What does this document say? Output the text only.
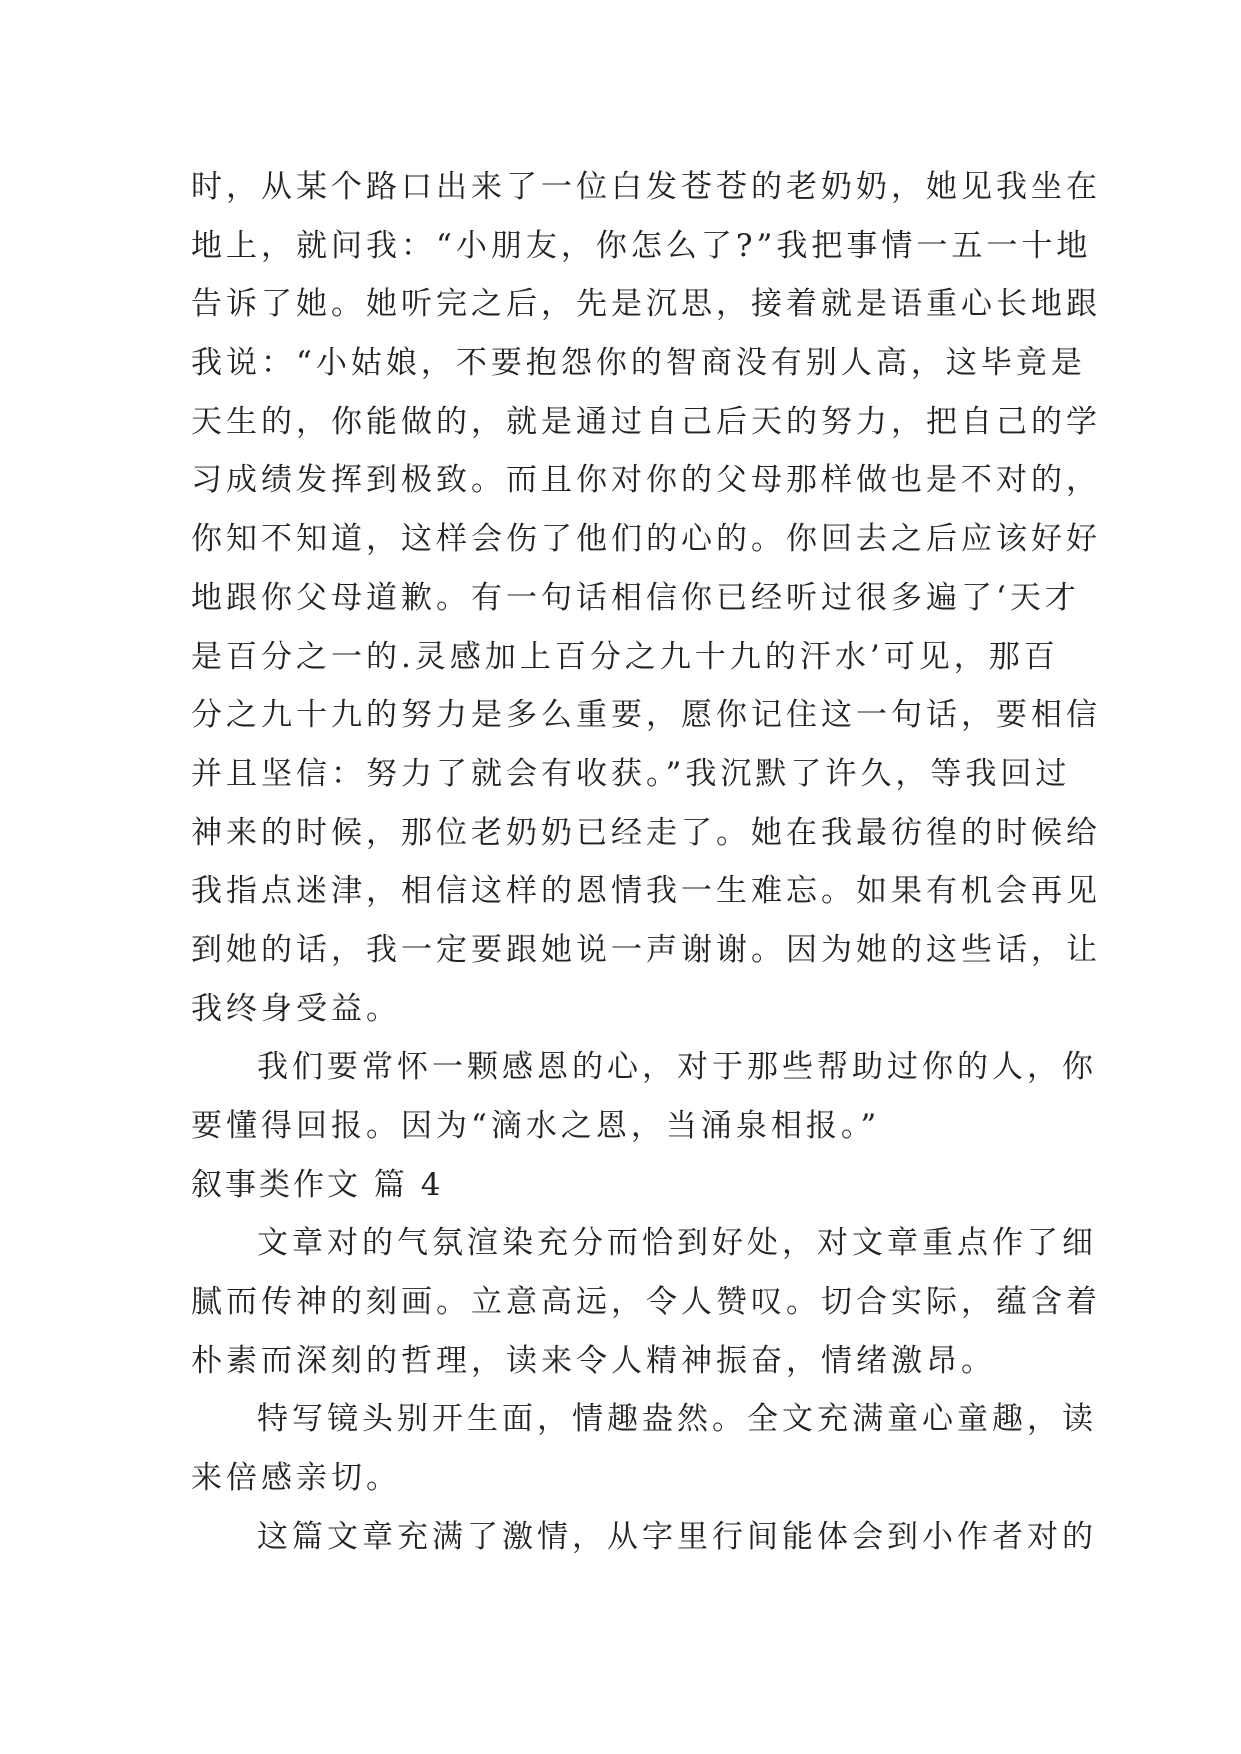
时，从某个路口出来了一位白发苍苍的老奶奶，她见我坐在
地上，就问我：“小朋友，你怎么了?”我把事情一五一十地
告诉了她。她听完之后，先是沉思，接着就是语重心长地跟
我说：“小姑娘，不要抱怨你的智商没有别人高，这毕竟是
天生的，你能做的，就是通过自己后天的努力，把自己的学
习成绩发挥到极致。而且你对你的父母那样做也是不对的，
你知不知道，这样会伤了他们的心的。你回去之后应该好好
地跟你父母道歉。有一句话相信你已经听过很多遍了‘天才
是百分之一的.灵感加上百分之九十九的汗水’可见，那百
分之九十九的努力是多么重要，愿你记住这一句话，要相信
并且坚信：努力了就会有收获。”我沉默了许久，等我回过
神来的时候，那位老奶奶已经走了。她在我最彷徨的时候给
我指点迷津，相信这样的恩情我一生难忘。如果有机会再见
到她的话，我一定要跟她说一声谢谢。因为她的这些话，让
我终身受益。
我们要常怀一颗感恩的心，对于那些帮助过你的人，你
要懂得回报。因为“滴水之恩，当涌泉相报。”
叙事类作文 篇 4
文章对的气氛渲染充分而恰到好处，对文章重点作了细
腻而传神的刻画。立意高远，令人赞叹。切合实际，蕴含着
朴素而深刻的哲理，读来令人精神振奋，情绪激昂。
特写镜头别开生面，情趣盎然。全文充满童心童趣，读
来倍感亲切。
这篇文章充满了激情，从字里行间能体会到小作者对的
